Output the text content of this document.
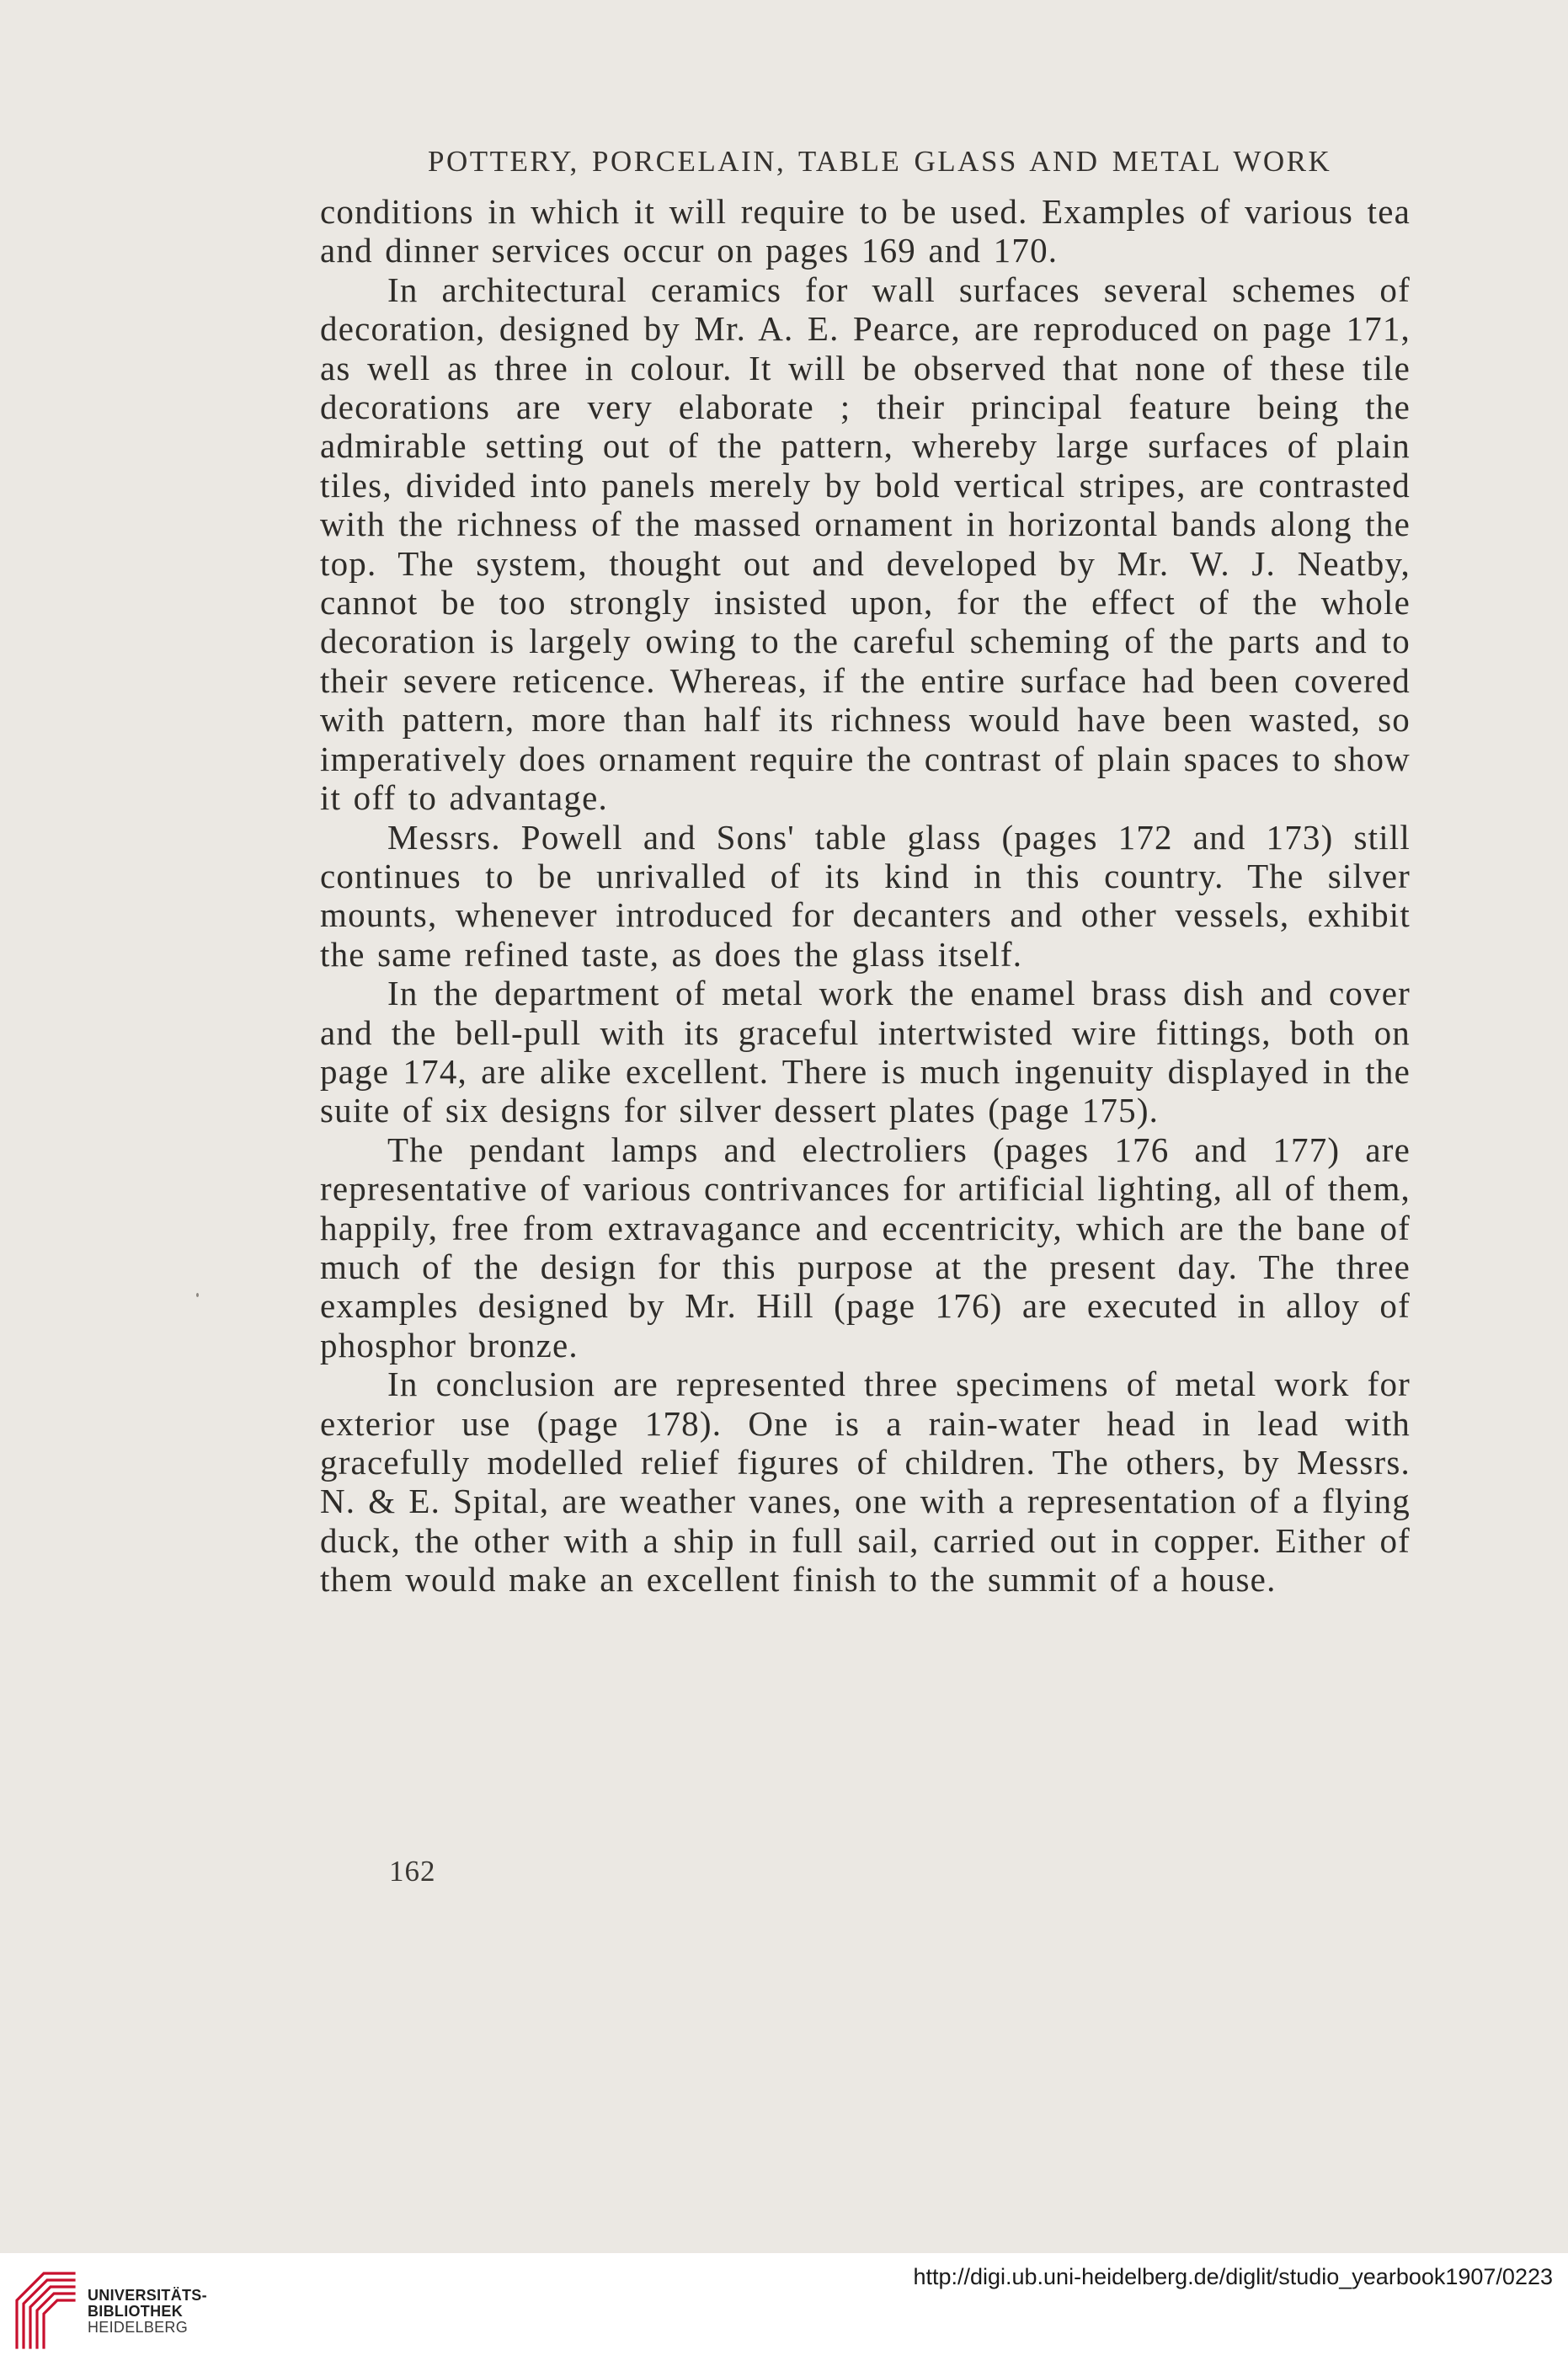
POTTERY, PORCELAIN, TABLE GLASS AND METAL WORK

conditions in which it will require to be used. Examples of various tea and dinner services occur on pages 169 and 170.

In architectural ceramics for wall surfaces several schemes of decoration, designed by Mr. A. E. Pearce, are reproduced on page 171, as well as three in colour. It will be observed that none of these tile decorations are very elaborate ; their principal feature being the admirable setting out of the pattern, whereby large surfaces of plain tiles, divided into panels merely by bold vertical stripes, are contrasted with the richness of the massed ornament in horizontal bands along the top. The system, thought out and developed by Mr. W. J. Neatby, cannot be too strongly insisted upon, for the effect of the whole decoration is largely owing to the careful scheming of the parts and to their severe reticence. Whereas, if the entire surface had been covered with pattern, more than half its richness would have been wasted, so imperatively does ornament require the contrast of plain spaces to show it off to advantage.

Messrs. Powell and Sons' table glass (pages 172 and 173) still continues to be unrivalled of its kind in this country. The silver mounts, whenever introduced for decanters and other vessels, exhibit the same refined taste, as does the glass itself.

In the department of metal work the enamel brass dish and cover and the bell-pull with its graceful intertwisted wire fittings, both on page 174, are alike excellent. There is much ingenuity displayed in the suite of six designs for silver dessert plates (page 175).

The pendant lamps and electroliers (pages 176 and 177) are representative of various contrivances for artificial lighting, all of them, happily, free from extravagance and eccentricity, which are the bane of much of the design for this purpose at the present day. The three examples designed by Mr. Hill (page 176) are executed in alloy of phosphor bronze.

In conclusion are represented three specimens of metal work for exterior use (page 178). One is a rain-water head in lead with gracefully modelled relief figures of children. The others, by Messrs. N. & E. Spital, are weather vanes, one with a representation of a flying duck, the other with a ship in full sail, carried out in copper. Either of them would make an excellent finish to the summit of a house.

162
UNIVERSITÄTS-
BIBLIOTHEK
HEIDELBERG
http://digi.ub.uni-heidelberg.de/diglit/studio_yearbook1907/0223
